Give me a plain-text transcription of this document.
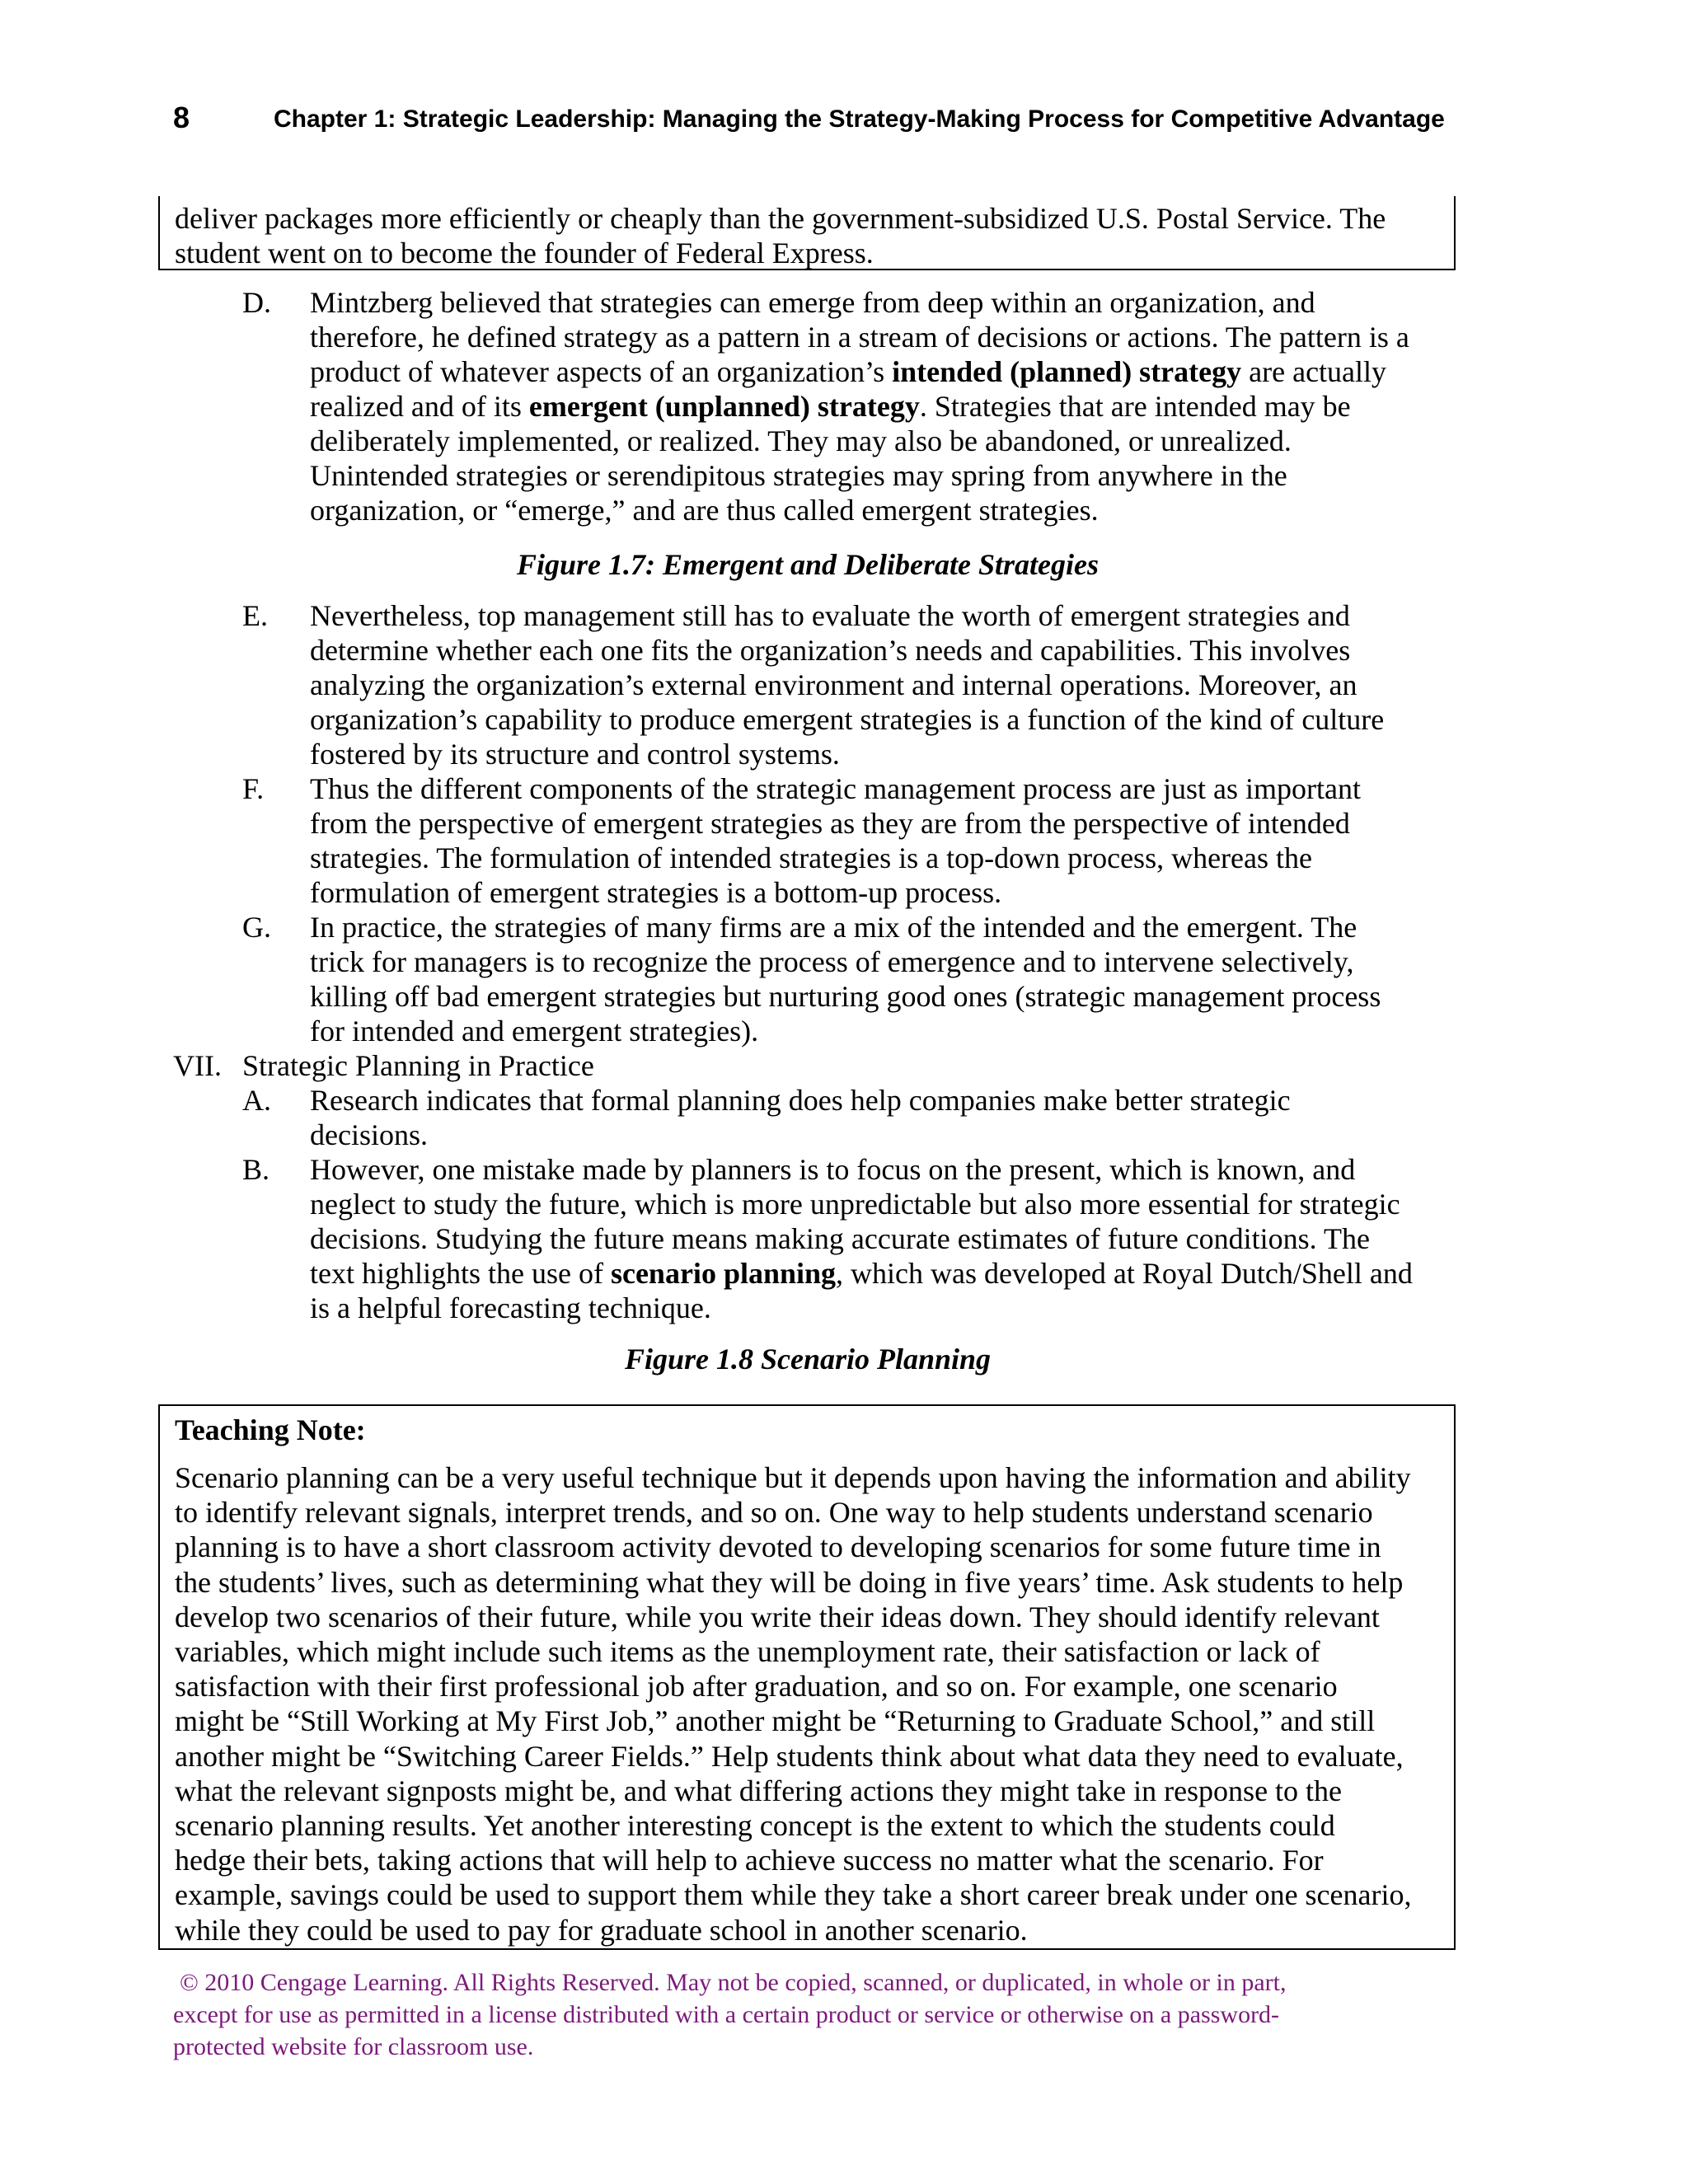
8	Chapter 1: Strategic Leadership: Managing the Strategy-Making Process for Competitive Advantage

deliver packages more efficiently or cheaply than the government-subsidized U.S. Postal Service. The
student went on to become the founder of Federal Express.

D. Mintzberg believed that strategies can emerge from deep within an organization, and
therefore, he defined strategy as a pattern in a stream of decisions or actions. The pattern is a
product of whatever aspects of an organization’s intended (planned) strategy are actually
realized and of its emergent (unplanned) strategy. Strategies that are intended may be
deliberately implemented, or realized. They may also be abandoned, or unrealized.
Unintended strategies or serendipitous strategies may spring from anywhere in the
organization, or “emerge,” and are thus called emergent strategies.
Figure 1.7: Emergent and Deliberate Strategies
E. Nevertheless, top management still has to evaluate the worth of emergent strategies and
determine whether each one fits the organization’s needs and capabilities. This involves
analyzing the organization’s external environment and internal operations. Moreover, an
organization’s capability to produce emergent strategies is a function of the kind of culture
fostered by its structure and control systems.
F. Thus the different components of the strategic management process are just as important
from the perspective of emergent strategies as they are from the perspective of intended
strategies. The formulation of intended strategies is a top-down process, whereas the
formulation of emergent strategies is a bottom-up process.
G. In practice, the strategies of many firms are a mix of the intended and the emergent. The
trick for managers is to recognize the process of emergence and to intervene selectively,
killing off bad emergent strategies but nurturing good ones (strategic management process
for intended and emergent strategies).
VII. Strategic Planning in Practice
A. Research indicates that formal planning does help companies make better strategic
decisions.
B. However, one mistake made by planners is to focus on the present, which is known, and
neglect to study the future, which is more unpredictable but also more essential for strategic
decisions. Studying the future means making accurate estimates of future conditions. The
text highlights the use of scenario planning, which was developed at Royal Dutch/Shell and
is a helpful forecasting technique.
Figure 1.8 Scenario Planning
Teaching Note:
Scenario planning can be a very useful technique but it depends upon having the information and ability
to identify relevant signals, interpret trends, and so on. One way to help students understand scenario
planning is to have a short classroom activity devoted to developing scenarios for some future time in
the students’ lives, such as determining what they will be doing in five years’ time. Ask students to help
develop two scenarios of their future, while you write their ideas down. They should identify relevant
variables, which might include such items as the unemployment rate, their satisfaction or lack of
satisfaction with their first professional job after graduation, and so on. For example, one scenario
might be “Still Working at My First Job,” another might be “Returning to Graduate School,” and still
another might be “Switching Career Fields.” Help students think about what data they need to evaluate,
what the relevant signposts might be, and what differing actions they might take in response to the
scenario planning results. Yet another interesting concept is the extent to which the students could
hedge their bets, taking actions that will help to achieve success no matter what the scenario. For
example, savings could be used to support them while they take a short career break under one scenario,
while they could be used to pay for graduate school in another scenario.
© 2010 Cengage Learning. All Rights Reserved. May not be copied, scanned, or duplicated, in whole or in part,
except for use as permitted in a license distributed with a certain product or service or otherwise on a password-
protected website for classroom use.
